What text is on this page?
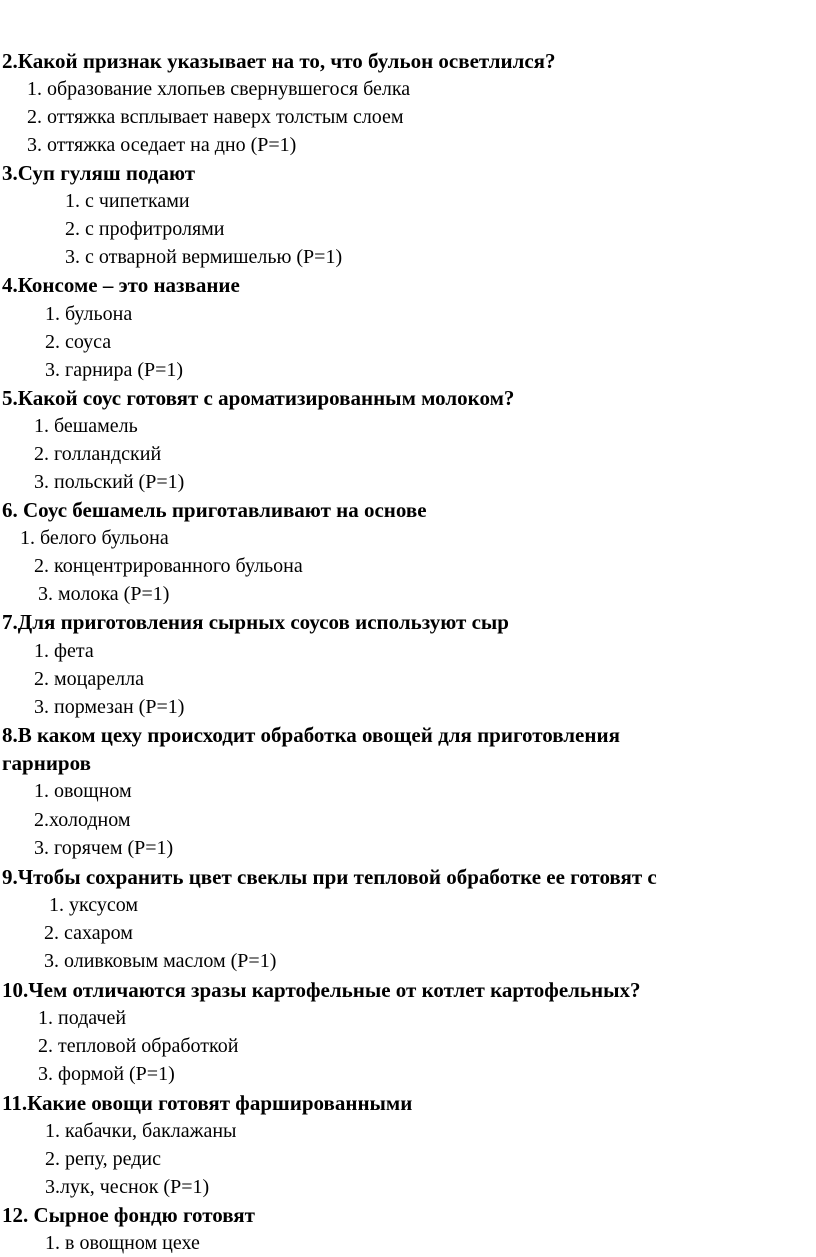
2.Какой признак указывает на то, что бульон осветлился?
1. образование хлопьев свернувшегося белка
2. оттяжка всплывает наверх толстым слоем
3. оттяжка оседает на дно (Р=1)
3.Суп гуляш подают
1. с чипетками
2. с профитролями
3. с отварной вермишелью (Р=1)
4.Консоме – это название
1. бульона
2. соуса
3. гарнира (Р=1)
5.Какой соус готовят с ароматизированным молоком?
1. бешамель
2. голландский
3. польский (Р=1)
6. Соус бешамель приготавливают на основе
1. белого бульона
2. концентрированного бульона
3. молока (Р=1)
7.Для приготовления сырных соусов используют сыр
1. фета
2. моцарелла
3. пормезан (Р=1)
8.В каком цеху происходит обработка овощей для приготовления
гарниров
1. овощном
2.холодном
3. горячем (Р=1)
9.Чтобы сохранить цвет свеклы при тепловой обработке ее готовят с
1. уксусом
2. сахаром
3. оливковым маслом (Р=1)
10.Чем отличаются зразы картофельные от котлет картофельных?
1. подачей
2. тепловой обработкой
3. формой (Р=1)
11.Какие овощи готовят фаршированными
1. кабачки, баклажаны
2. репу, редис
3.лук, чеснок (Р=1)
12. Сырное фондю готовят
1. в овощном цехе
